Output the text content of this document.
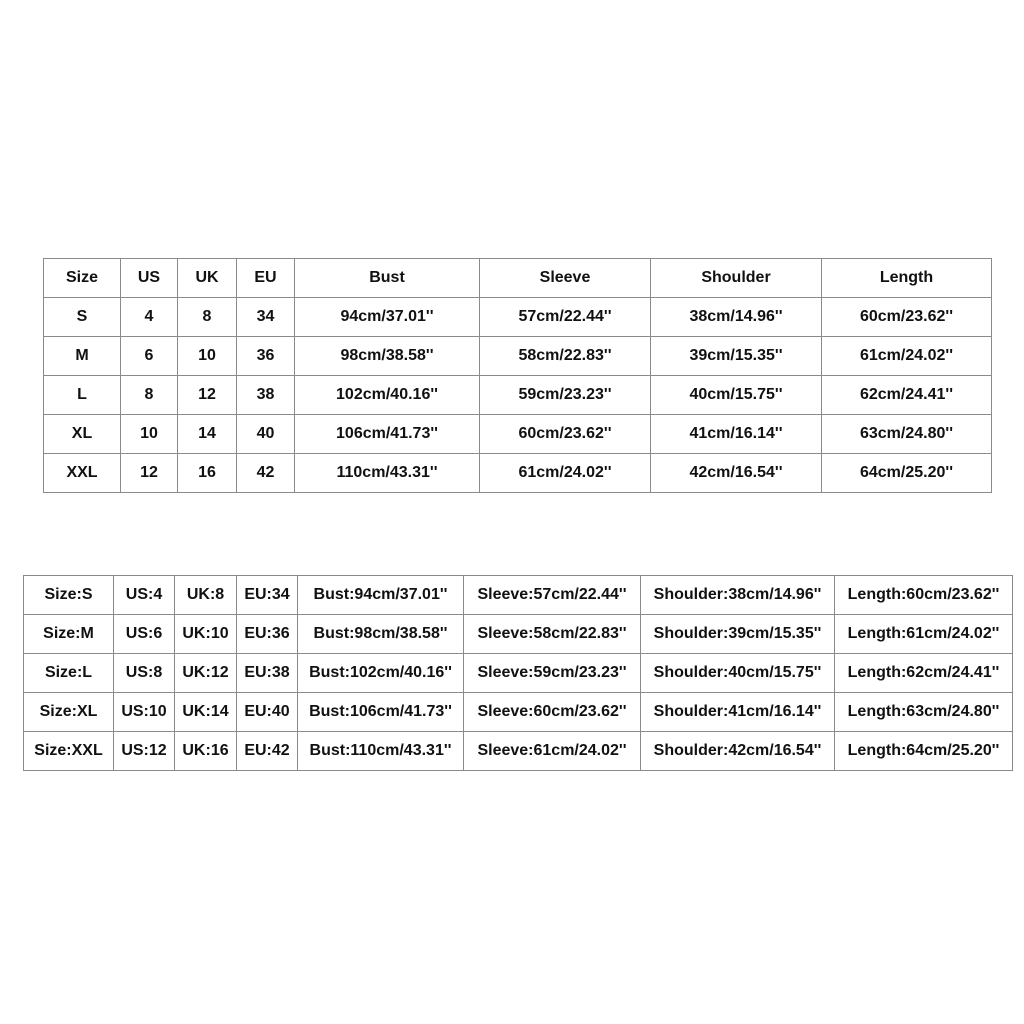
Size	US	UK	EU	Bust	Sleeve	Shoulder	Length
S	4	8	34	94cm/37.01''	57cm/22.44''	38cm/14.96''	60cm/23.62''
M	6	10	36	98cm/38.58''	58cm/22.83''	39cm/15.35''	61cm/24.02''
L	8	12	38	102cm/40.16''	59cm/23.23''	40cm/15.75''	62cm/24.41''
XL	10	14	40	106cm/41.73''	60cm/23.62''	41cm/16.14''	63cm/24.80''
XXL	12	16	42	110cm/43.31''	61cm/24.02''	42cm/16.54''	64cm/25.20''
Size:S	US:4	UK:8	EU:34	Bust:94cm/37.01''	Sleeve:57cm/22.44''	Shoulder:38cm/14.96''	Length:60cm/23.62''
Size:M	US:6	UK:10	EU:36	Bust:98cm/38.58''	Sleeve:58cm/22.83''	Shoulder:39cm/15.35''	Length:61cm/24.02''
Size:L	US:8	UK:12	EU:38	Bust:102cm/40.16''	Sleeve:59cm/23.23''	Shoulder:40cm/15.75''	Length:62cm/24.41''
Size:XL	US:10	UK:14	EU:40	Bust:106cm/41.73''	Sleeve:60cm/23.62''	Shoulder:41cm/16.14''	Length:63cm/24.80''
Size:XXL	US:12	UK:16	EU:42	Bust:110cm/43.31''	Sleeve:61cm/24.02''	Shoulder:42cm/16.54''	Length:64cm/25.20''
